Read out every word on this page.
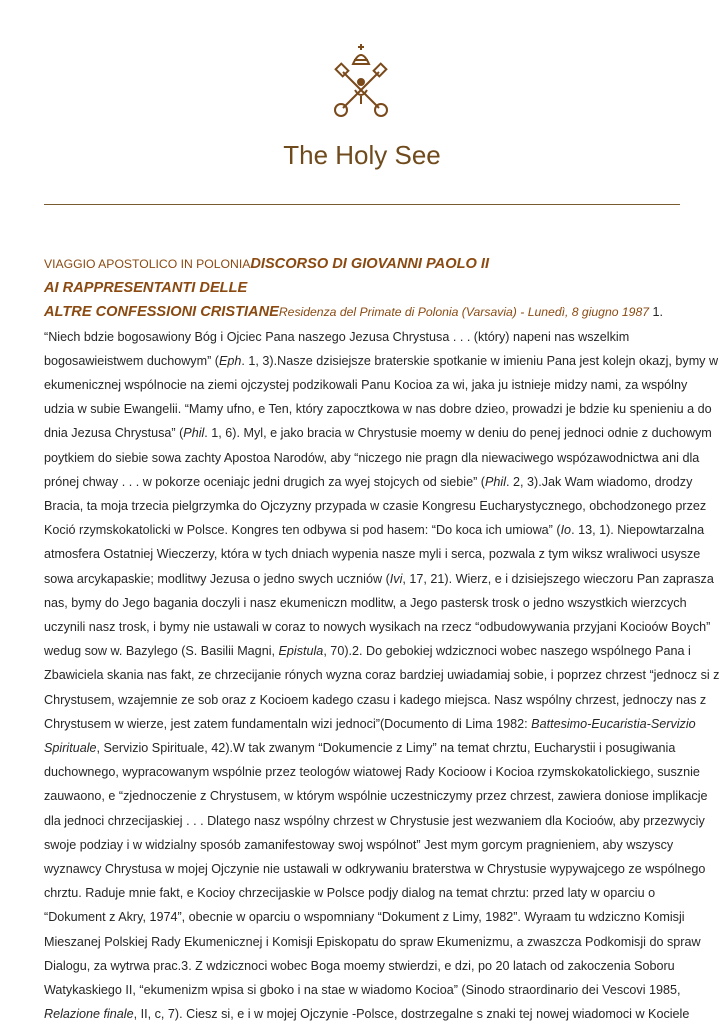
The Holy See
VIAGGIO APOSTOLICO IN POLONIADISCORSO DI GIOVANNI PAOLO II
AI RAPPRESENTANTI DELLE
ALTRE CONFESSIONI CRISTIANEResidenza del Primate di Polonia (Varsavia) - Lunedì, 8 giugno 1987 1.
“Niech bdzie bogosawiony Bóg i Ojciec Pana naszego Jezusa Chrystusa . . . (który) napeni nas wszelkim
bogosawieistwem duchowym” (Eph. 1, 3).Nasze dzisiejsze braterskie spotkanie w imieniu Pana jest kolejn okazj, bymy w
ekumenicznej wspólnocie na ziemi ojczystej podzikowali Panu Kocioa za wi, jaka ju istnieje midzy nami, za wspólny
udzia w subie Ewangelii. “Mamy ufno, e Ten, który zapocztkowa w nas dobre dzieo, prowadzi je bdzie ku spenieniu a do
dnia Jezusa Chrystusa” (Phil. 1, 6). Myl, e jako bracia w Chrystusie moemy w deniu do penej jednoci odnie z duchowym
poytkiem do siebie sowa zachty Apostoa Narodów, aby “niczego nie pragn dla niewaciwego wspózawodnictwa ani dla
prónej chway . . . w pokorze oceniajc jedni drugich za wyej stojcych od siebie” (Phil. 2, 3).Jak Wam wiadomo, drodzy
Bracia, ta moja trzecia pielgrzymka do Ojczyzny przypada w czasie Kongresu Eucharystycznego, obchodzonego przez
Koció rzymskokatolicki w Polsce. Kongres ten odbywa si pod hasem: “Do koca ich umiowa” (Io. 13, 1). Niepowtarzalna
atmosfera Ostatniej Wieczerzy, która w tych dniach wypenia nasze myli i serca, pozwala z tym wiksz wraliwoci usysze
sowa arcykapaskie; modlitwy Jezusa o jedno swych uczniów (Ivi, 17, 21). Wierz, e i dzisiejszego wieczoru Pan zaprasza
nas, bymy do Jego bagania doczyli i nasz ekumeniczn modlitw, a Jego pastersk trosk o jedno wszystkich wierzcych
uczynili nasz trosk, i bymy nie ustawali w coraz to nowych wysikach na rzecz “odbudowywania przyjani Kocioów Boych”
wedug sow w. Bazylego (S. Basilii Magni, Epistula, 70).2. Do gebokiej wdzicznoci wobec naszego wspólnego Pana i
Zbawiciela skania nas fakt, ze chrzecijanie rónych wyzna coraz bardziej uwiadamiaj sobie, i poprzez chrzest “jednocz si z
Chrystusem, wzajemnie ze sob oraz z Kocioem kadego czasu i kadego miejsca. Nasz wspólny chrzest, jednoczy nas z
Chrystusem w wierze, jest zatem fundamentaln wizi jednoci”(Documento di Lima 1982: Battesimo-Eucaristia-Servizio
Spirituale, Servizio Spirituale, 42).W tak zwanym “Dokumencie z Limy” na temat chrztu, Eucharystii i posugiwania
duchownego, wypracowanym wspólnie przez teologów wiatowej Rady Kocioow i Kocioa rzymskokatolickiego, susznie
zauwaono, e “zjednoczenie z Chrystusem, w którym wspólnie uczestniczymy przez chrzest, zawiera doniose implikacje
dla jednoci chrzecijaskiej . . . Dlatego nasz wspólny chrzest w Chrystusie jest wezwaniem dla Kocioów, aby przezwyciy
swoje podziay i w widzialny sposób zamanifestoway swoj wspólnot” Jest mym gorcym pragnieniem, aby wszyscy
wyznawcy Chrystusa w mojej Ojczynie nie ustawali w odkrywaniu braterstwa w Chrystusie wypywajcego ze wspólnego
chrztu. Raduje mnie fakt, e Kocioy chrzecijaskie w Polsce podjy dialog na temat chrztu: przed laty w oparciu o
“Dokument z Akry, 1974”, obecnie w oparciu o wspomniany “Dokument z Limy, 1982”. Wyraam tu wdziczno Komisji
Mieszanej Polskiej Rady Ekumenicznej i Komisji Episkopatu do spraw Ekumenizmu, a zwaszcza Podkomisji do spraw
Dialogu, za wytrwa prac.3. Z wdzicznoci wobec Boga moemy stwierdzi, e dzi, po 20 latach od zakoczenia Soboru
Watykaskiego II, “ekumenizm wpisa si gboko i na stae w wiadomo Kocioa” (Sinodo straordinario dei Vescovi 1985,
Relazione finale, II, c, 7). Ciesz si, e i w mojej Ojczynie -Polsce, dostrzegalne s znaki tej nowej wiadomoci w Kociele
